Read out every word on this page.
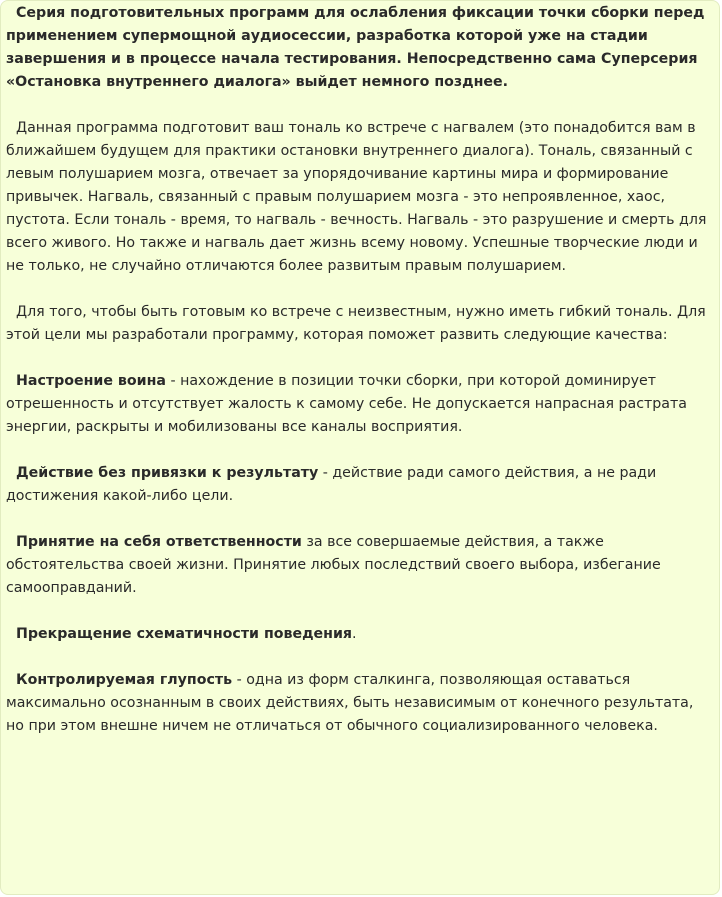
Серия подготовительных программ для ослабления фиксации точки сборки перед применением супермощной аудиосессии, разработка которой уже на стадии завершения и в процессе начала тестирования. Непосредственно сама Суперсерия «Остановка внутреннего диалога» выйдет немного позднее.

Данная программа подготовит ваш тональ ко встрече с нагвалем (это понадобится вам в ближайшем будущем для практики остановки внутреннего диалога). Тональ, связанный с левым полушарием мозга, отвечает за упорядочивание картины мира и формирование привычек. Нагваль, связанный с правым полушарием мозга - это непроявленное, хаос, пустота. Если тональ - время, то нагваль - вечность. Нагваль - это разрушение и смерть для всего живого. Но также и нагваль дает жизнь всему новому. Успешные творческие люди и не только, не случайно отличаются более развитым правым полушарием.

Для того, чтобы быть готовым ко встрече с неизвестным, нужно иметь гибкий тональ. Для этой цели мы разработали программу, которая поможет развить следующие качества:

Настроение воина - нахождение в позиции точки сборки, при которой доминирует отрешенность и отсутствует жалость к самому себе. Не допускается напрасная растрата энергии, раскрыты и мобилизованы все каналы восприятия.

Действие без привязки к результату - действие ради самого действия, а не ради достижения какой-либо цели.

Принятие на себя ответственности за все совершаемые действия, а также обстоятельства своей жизни. Принятие любых последствий своего выбора, избегание самооправданий.

Прекращение схематичности поведения.

Контролируемая глупость - одна из форм сталкинга, позволяющая оставаться максимально осознанным в своих действиях, быть независимым от конечного результата, но при этом внешне ничем не отличаться от обычного социализированного человека.
